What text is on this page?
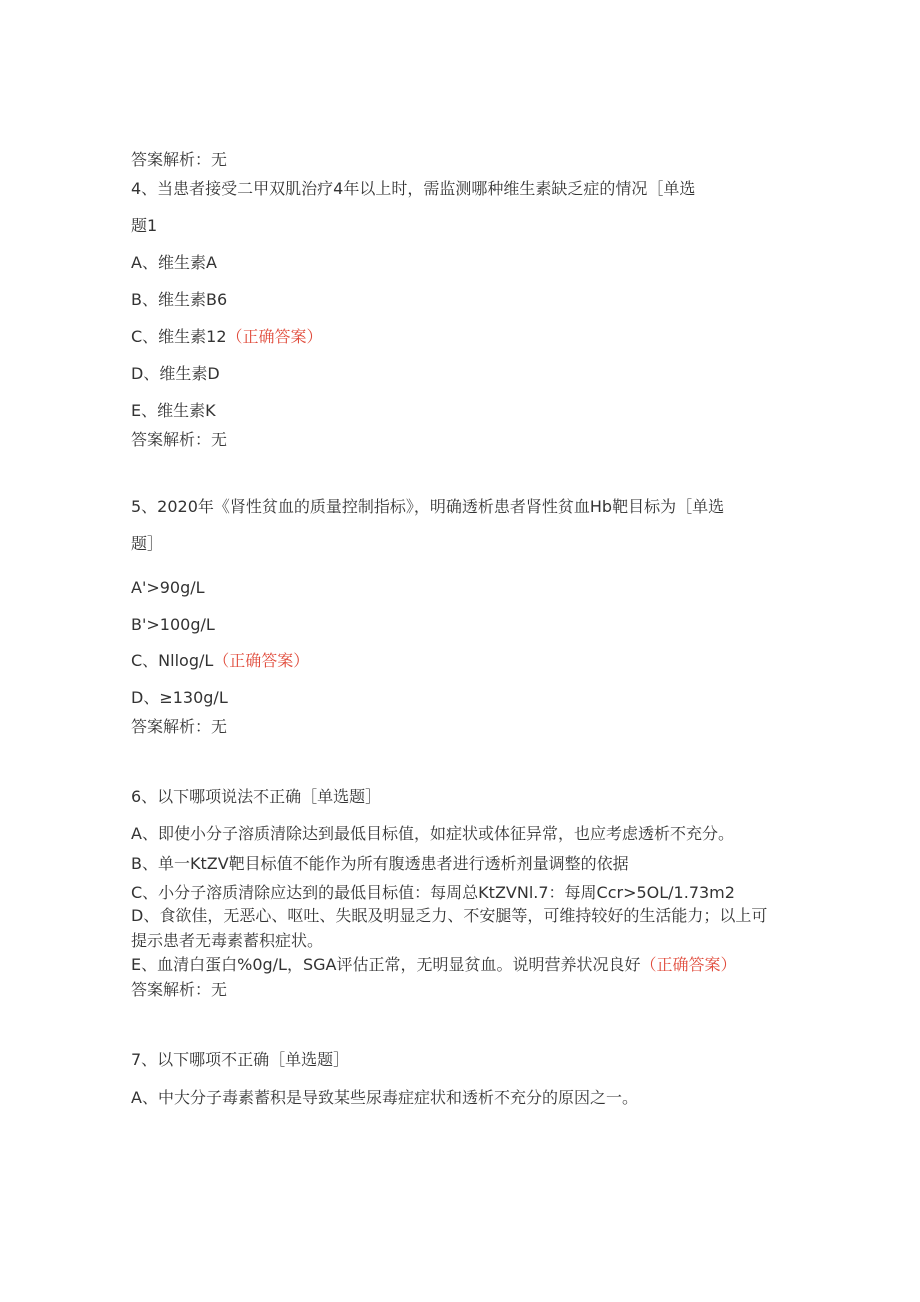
答案解析：无
4、当患者接受二甲双肌治疗4年以上时，需监测哪种维生素缺乏症的情况［单选
题1
A、维生素A
B、维生素B6
C、维生素12（正确答案）
D、维生素D
E、维生素K
答案解析：无
5、2020年《肾性贫血的质量控制指标》，明确透析患者肾性贫血Hb靶目标为［单选
题］
A'>90g∕L
B'>100g∕L
C、Nllog/L（正确答案）
D、≥130g∕L
答案解析：无
6、以下哪项说法不正确［单选题］
A、即使小分子溶质清除达到最低目标值，如症状或体征异常，也应考虑透析不充分。
B、单一KtZV靶目标值不能作为所有腹透患者进行透析剂量调整的依据
C、小分子溶质清除应达到的最低目标值：每周总KtZVNl.7：每周Ccr>5OL∕1.73m2
D、食欲佳，无恶心、呕吐、失眠及明显乏力、不安腿等，可维持较好的生活能力；以上可提示患者无毒素蓄积症状。
E、血清白蛋白%0g∕L，SGA评估正常，无明显贫血。说明营养状况良好（正确答案）
答案解析：无
7、以下哪项不正确［单选题］
A、中大分子毒素蓄积是导致某些尿毒症症状和透析不充分的原因之一。
